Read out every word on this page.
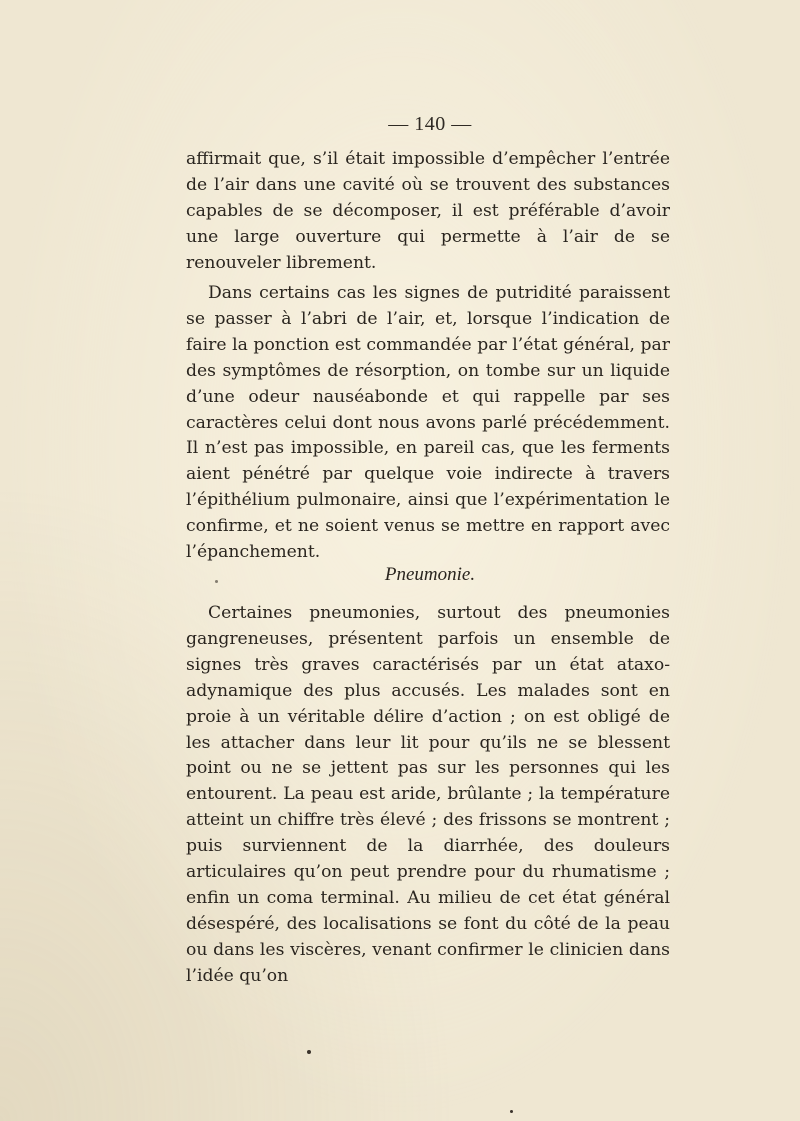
— 140 —

affirmait que, s’il était impossible d’empêcher l’entrée de l’air dans une cavité où se trouvent des substances capables de se décomposer, il est préférable d’avoir une large ouverture qui permette à l’air de se renouveler librement.

Dans certains cas les signes de putridité paraissent se passer à l’abri de l’air, et, lorsque l’indication de faire la ponction est commandée par l’état général, par des symptômes de résorption, on tombe sur un liquide d’une odeur nauséabonde et qui rappelle par ses caractères celui dont nous avons parlé précédemment. Il n’est pas impossible, en pareil cas, que les ferments aient pénétré par quelque voie indirecte à travers l’épithélium pulmonaire, ainsi que l’expérimentation le confirme, et ne soient venus se mettre en rapport avec l’épanchement.

Pneumonie.

Certaines pneumonies, surtout des pneumonies gangreneuses, présentent parfois un ensemble de signes très graves caractérisés par un état ataxo-adynamique des plus accusés. Les malades sont en proie à un véritable délire d’action ; on est obligé de les attacher dans leur lit pour qu’ils ne se blessent point ou ne se jettent pas sur les personnes qui les entourent. La peau est aride, brûlante ; la température atteint un chiffre très élevé ; des frissons se montrent ; puis surviennent de la diarrhée, des douleurs articulaires qu’on peut prendre pour du rhumatisme ; enfin un coma terminal. Au milieu de cet état général désespéré, des localisations se font du côté de la peau ou dans les viscères, venant confirmer le clinicien dans l’idée qu’on
